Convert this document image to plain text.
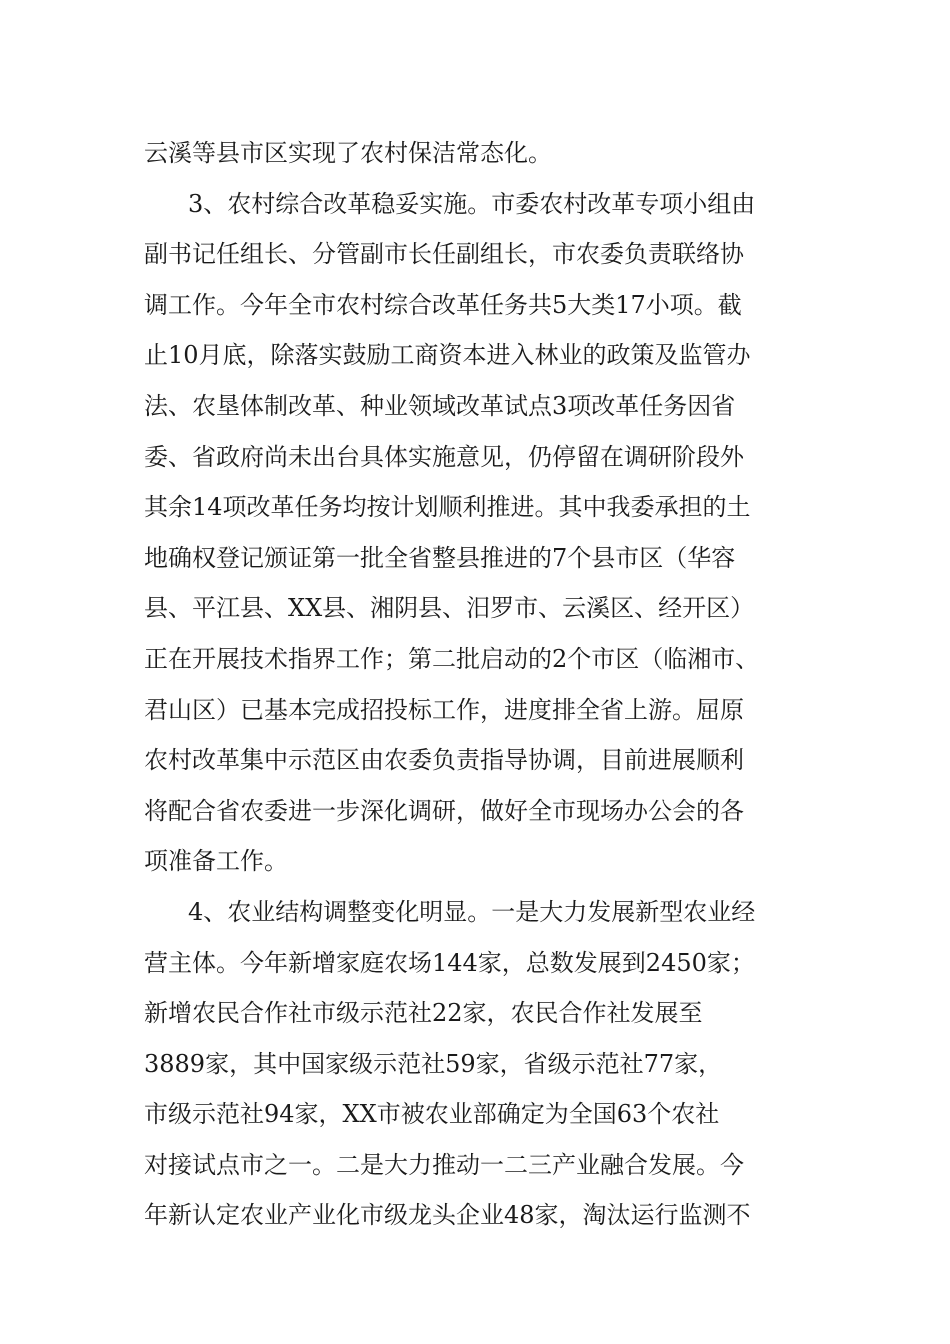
云溪等县市区实现了农村保洁常态化。
3、农村综合改革稳妥实施。市委农村改革专项小组由
副书记任组长、分管副市长任副组长，市农委负责联络协
调工作。今年全市农村综合改革任务共5大类17小项。截
止10月底，除落实鼓励工商资本进入林业的政策及监管办
法、农垦体制改革、种业领域改革试点3项改革任务因省
委、省政府尚未出台具体实施意见，仍停留在调研阶段外
其余14项改革任务均按计划顺利推进。其中我委承担的土
地确权登记颁证第一批全省整县推进的7个县市区（华容
县、平江县、XX县、湘阴县、汨罗市、云溪区、经开区）
正在开展技术指界工作；第二批启动的2个市区（临湘市、
君山区）已基本完成招投标工作，进度排全省上游。屈原
农村改革集中示范区由农委负责指导协调，目前进展顺利
将配合省农委进一步深化调研，做好全市现场办公会的各
项准备工作。
4、农业结构调整变化明显。一是大力发展新型农业经
营主体。今年新增家庭农场144家，总数发展到2450家；
新增农民合作社市级示范社22家，农民合作社发展至
3889家，其中国家级示范社59家，省级示范社77家，
市级示范社94家，XX市被农业部确定为全国63个农社
对接试点市之一。二是大力推动一二三产业融合发展。今
年新认定农业产业化市级龙头企业48家，淘汰运行监测不
